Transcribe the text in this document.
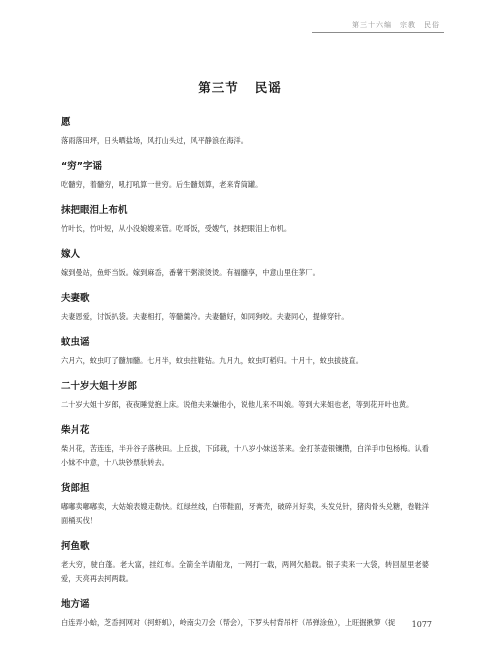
第三十六编　宗教　民俗
第三节 民谣
愿

落雨落田坪，日头晒盐场，风打山头过，风平静浪在海洋。

“穷”字谣

吃髓穷，着髓穷，吼打吼算一世穷。后生髓划算，老来背筒罐。

抹把眼泪上布机

竹叶长，竹叶短，从小没娘嫂来管。吃哥饭，受嫂气，抹把眼泪上布机。

嫁人

嫁到曼站，鱼虾当饭。嫁到麻岙，番薯干粥滚烫烫。有福髓享，中意山里住茅厂。

夫妻歌

夫妻恩爱，讨饭扒袋。夫妻相打，等髓羹冷。夫妻髓好，如同狗咬。夫妻同心，提條穿针。

蚊虫谣

六月六，蚊虫叮了髓加髓。七月半，蚊虫拄鞋钻。九月九，蚊虫叮稻归。十月十，蚊虫拔拢直。

二十岁大姐十岁郎

二十岁大姐十岁郎，夜夜睡觉抱上床。说他夫来嫌他小，说他儿来不叫娘。等到大来姐也老，等到花开叶也黄。

柴爿花

柴爿花，苦连连，半升谷子落秧田。上丘拔，下邱栽，十八岁小妹送茶来。金打茶壶银镶攒，白洋手巾包杨梅。认看小妹不中意，十八块钞票驮转去。

货郎担

嘟嘟卖嘟嘟卖，大姑娘表嫂走勒快。红绿丝线，白带鞋面，牙膏壳，破碎爿好卖，头发兑针，猪肉骨头兑糖，卷鞋洋面桶买伐！

抲鱼歌

老大穷，驶白蓬。老大富，挂红布。全箭全羊请船龙，一网打一载，两网欠船载。银子卖来一大袋，转回屋里老婆爱，天亮再去抲两载。

地方谣

白连弄小蛤，芝岙抲网对（抲虾虮），岭南尖刀会（帮会），下罗头村背吊杆（吊弹涂鱼），上旺掘揪箩（捉	1077
